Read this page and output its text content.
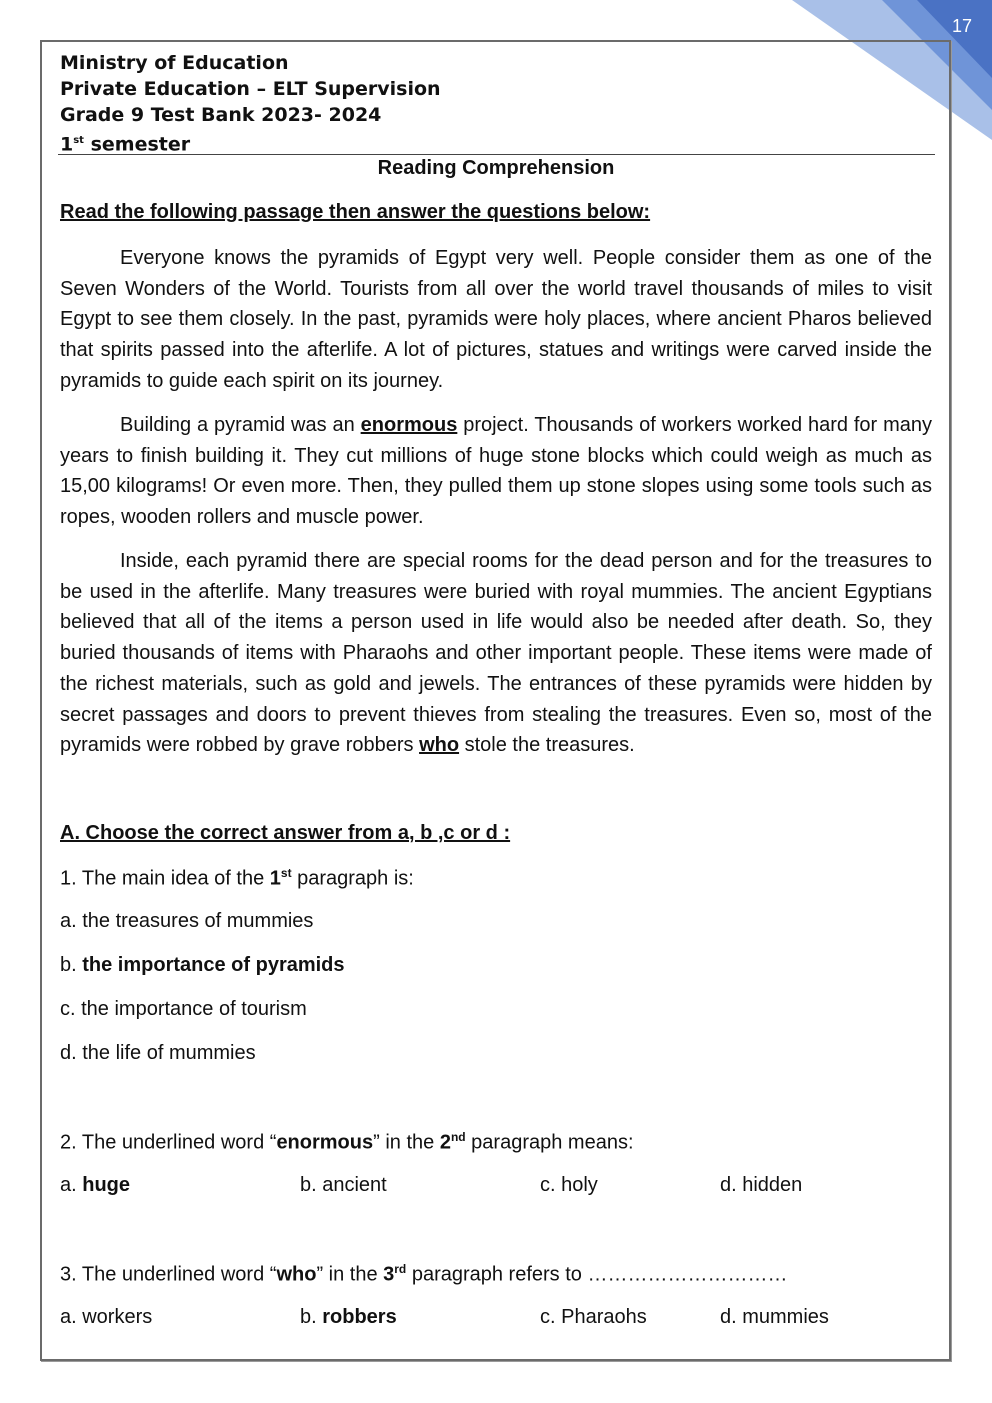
17
Ministry of Education
Private Education – ELT Supervision
Grade 9 Test Bank 2023- 2024
1st semester
Reading Comprehension
Read the following passage then answer the questions below:

Everyone knows the pyramids of Egypt very well. People consider them as one of the Seven Wonders of the World. Tourists from all over the world travel thousands of miles to visit Egypt to see them closely. In the past, pyramids were holy places, where ancient Pharos believed that spirits passed into the afterlife. A lot of pictures, statues and writings were carved inside the pyramids to guide each spirit on its journey.

Building a pyramid was an enormous project. Thousands of workers worked hard for many years to finish building it. They cut millions of huge stone blocks which could weigh as much as 15,00 kilograms! Or even more. Then, they pulled them up stone slopes using some tools such as ropes, wooden rollers and muscle power.

Inside, each pyramid there are special rooms for the dead person and for the treasures to be used in the afterlife. Many treasures were buried with royal mummies. The ancient Egyptians believed that all of the items a person used in life would also be needed after death. So, they buried thousands of items with Pharaohs and other important people. These items were made of the richest materials, such as gold and jewels. The entrances of these pyramids were hidden by secret passages and doors to prevent thieves from stealing the treasures. Even so, most of the pyramids were robbed by grave robbers who stole the treasures.

A. Choose the correct answer from a, b ,c or d :
1. The main idea of the 1st paragraph is:
a. the treasures of mummies
b. the importance of pyramids
c. the importance of tourism
d. the life of mummies
2. The underlined word “enormous” in the 2nd paragraph means:
a. huge	b. ancient	c. holy	d. hidden
3. The underlined word “who” in the 3rd paragraph refers to …………………………
a. workers	b. robbers	c. Pharaohs	d. mummies
